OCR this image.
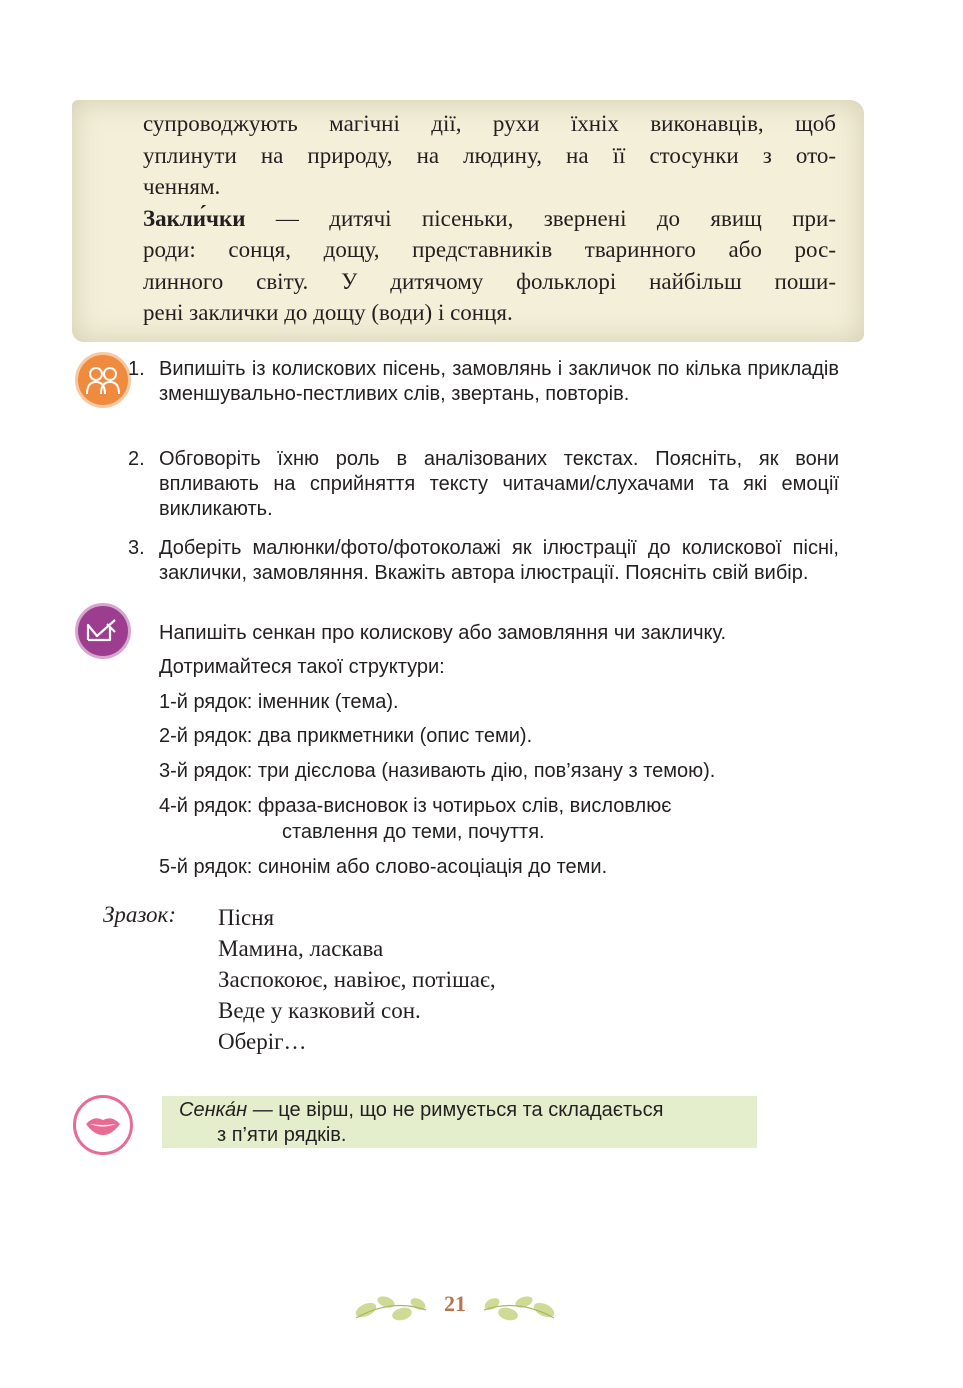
супроводжують магічні дії, рухи їхніх виконавців, щоб

уплинути на природу, на людину, на її стосунки з ото-

ченням.

Закли́чки — дитячі пісеньки, звернені до явищ при-

роди: сонця, дощу, представників тваринного або рос-

линного світу. У дитячому фольклорі найбільш поши-

рені заклички до дощу (води) і сонця.

1. Випишіть із колискових пісень, замовлянь і закличок по кілька прикладів зменшувально-пестливих слів, звертань, повторів.
2. Обговоріть їхню роль в аналізованих текстах. Поясніть, як вони впливають на сприйняття тексту читачами/слухачами та які емоції викликають.
3. Доберіть малюнки/фото/фотоколажі як ілюстрації до колискової пісні, заклички, замовляння. Вкажіть автора ілюстрації. Поясніть свій вибір.
Напишіть сенкан про колискову або замовляння чи закличку.
Дотримайтеся такої структури:
1-й рядок: іменник (тема).
2-й рядок: два прикметники (опис теми).
3-й рядок: три дієслова (називають дію, пов’язану з темою).
4-й рядок: фраза-висновок із чотирьох слів, висловлює
ставлення до теми, почуття.
5-й рядок: синонім або слово-асоціація до теми.
Зразок: Пісня
Мамина, ласкава
Заспокоює, навіює, потішає,
Веде у казковий сон.
Оберіг…
Сенка́н — це вірш, що не римується та складається
з п’яти рядків.
21
